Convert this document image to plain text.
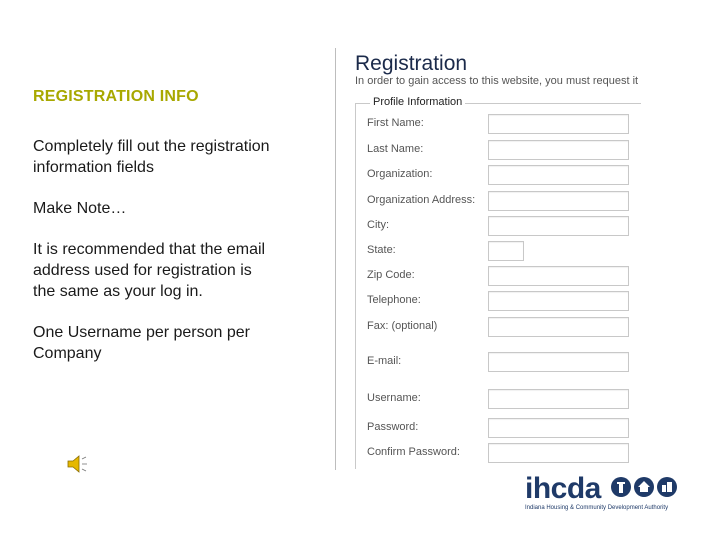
REGISTRATION INFO

Completely fill out the registration information fields

Make Note…

It is recommended that the email address used for registration is the same as your log in.

One Username per person per Company

Registration
In order to gain access to this website, you must request it
Profile Information
First Name:
Last Name:
Organization:
Organization Address:
City:
State:
Zip Code:
Telephone:
Fax: (optional)
E-mail:
Username:
Password:
Confirm Password:
ihcda
Indiana Housing & Community Development Authority
